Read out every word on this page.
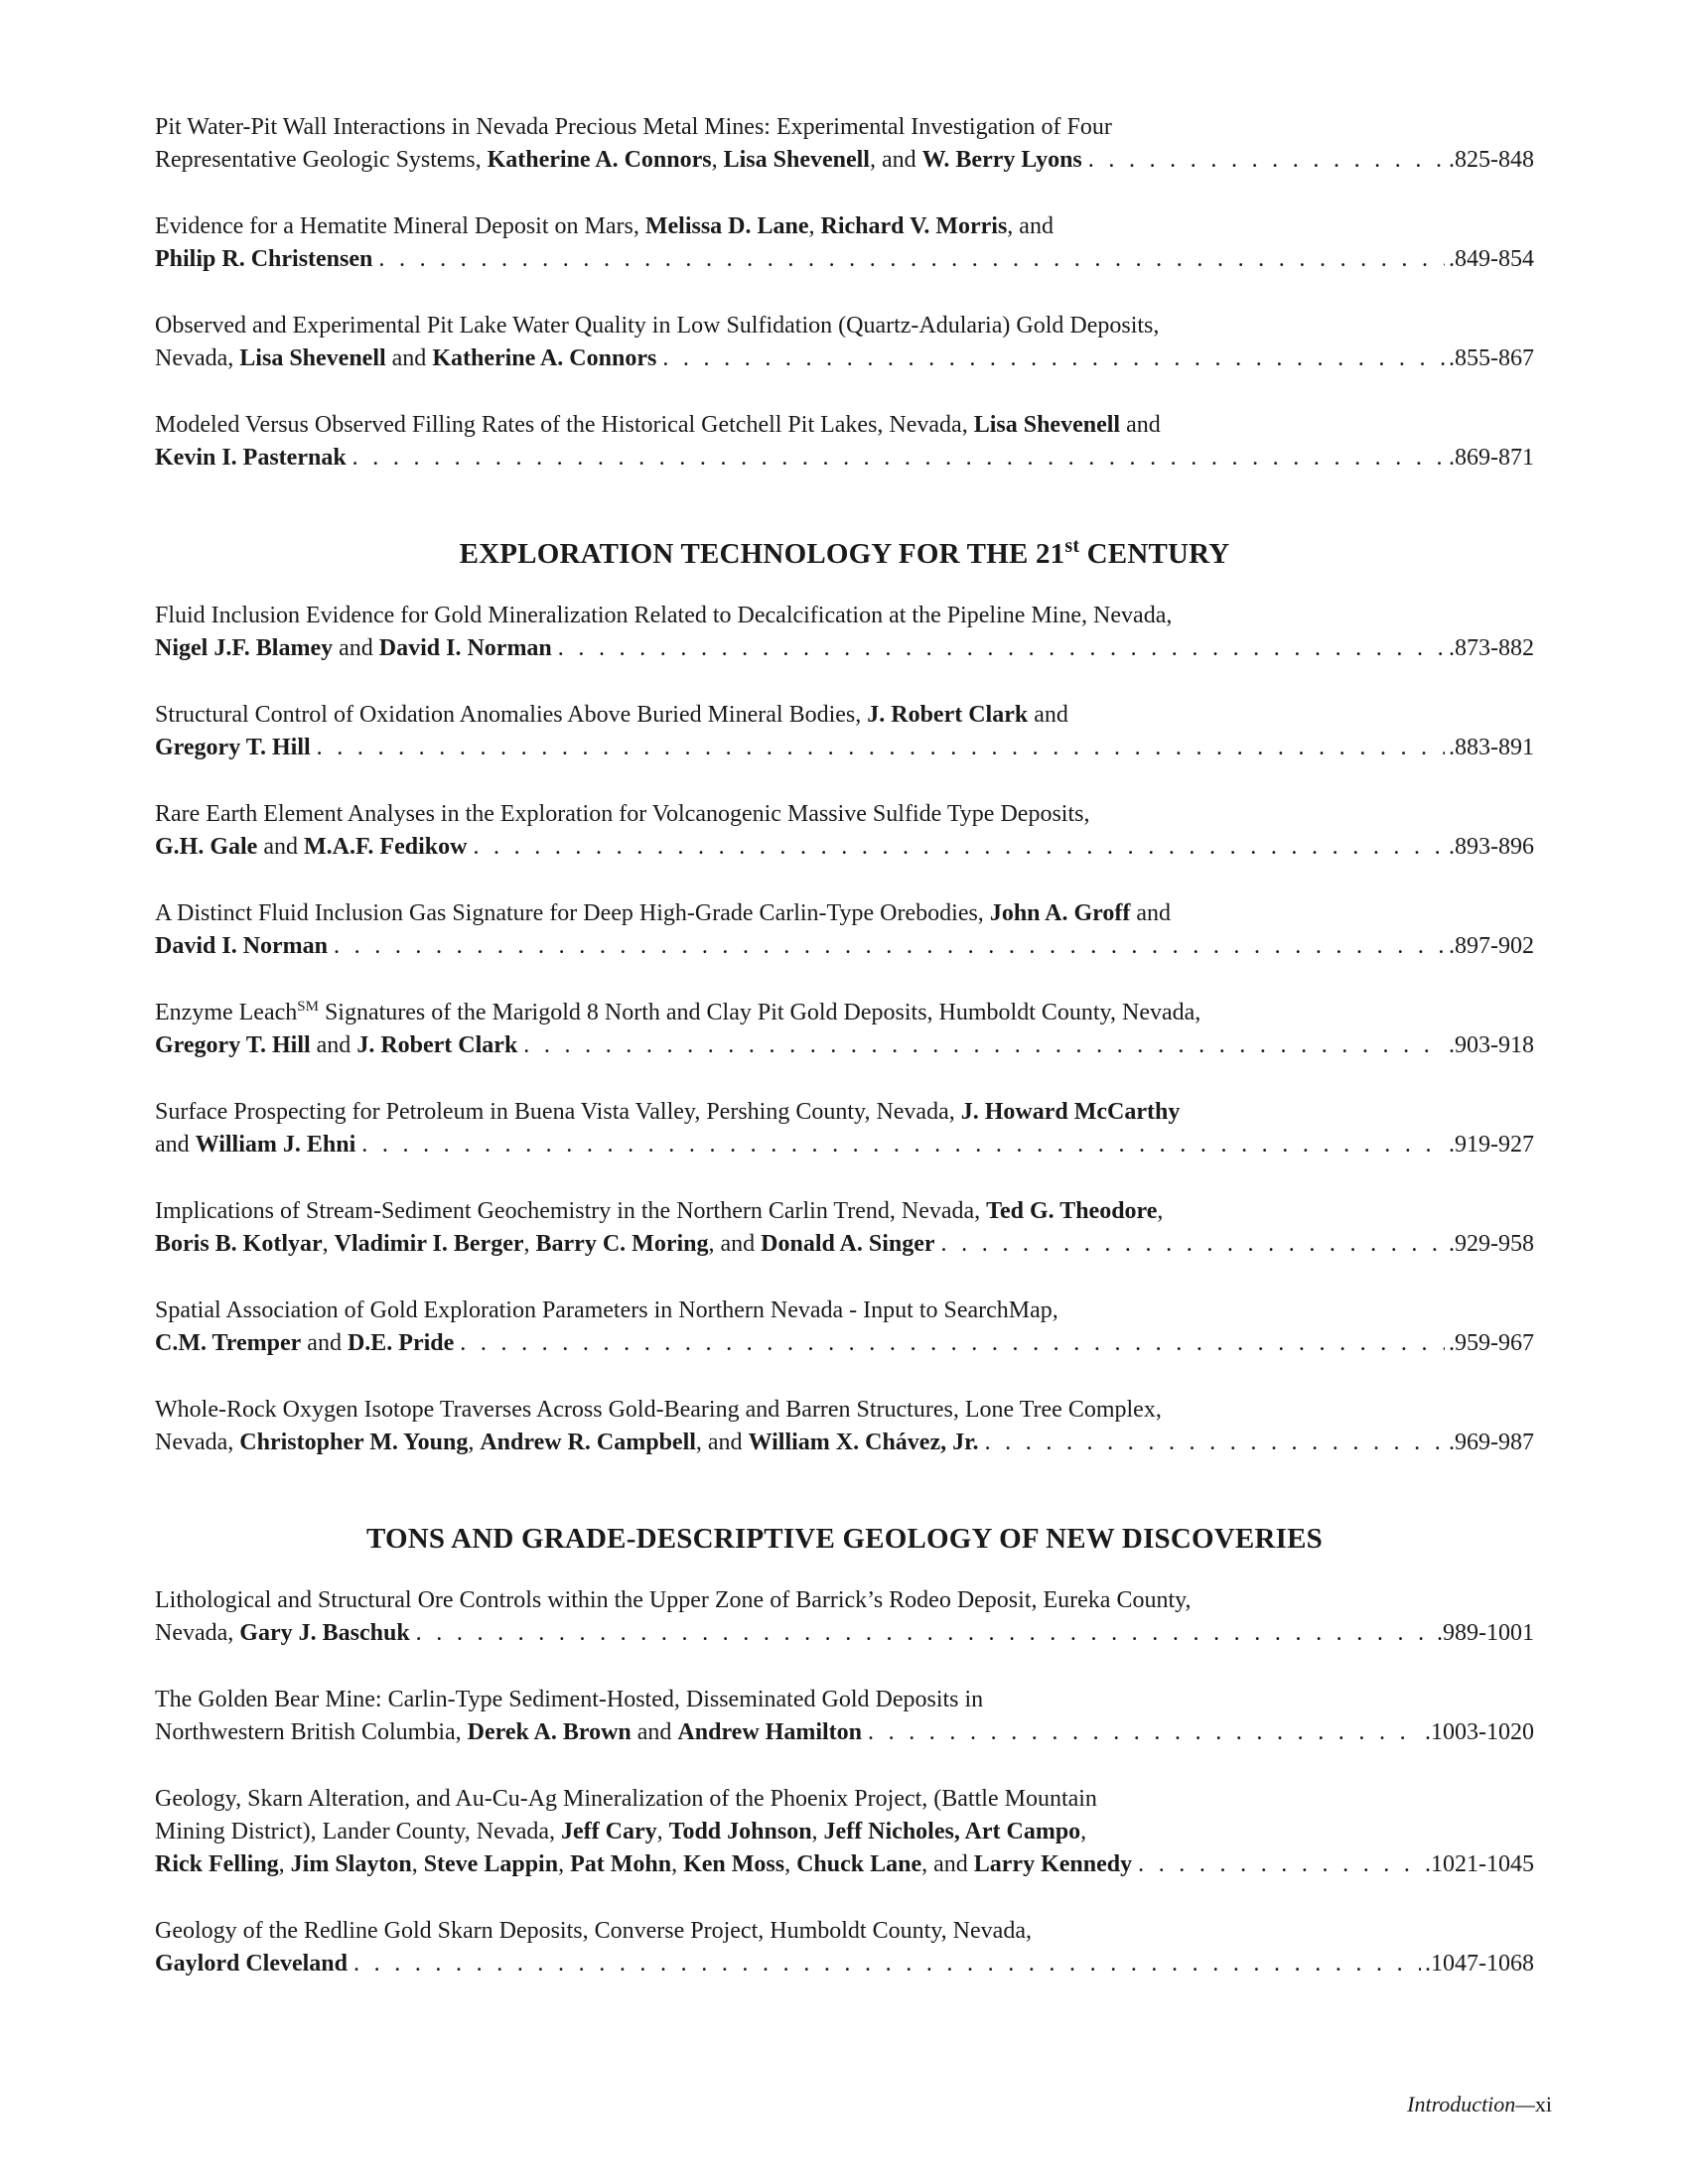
Pit Water-Pit Wall Interactions in Nevada Precious Metal Mines: Experimental Investigation of Four
Representative Geologic Systems, Katherine A. Connors, Lisa Shevenell, and W. Berry Lyons . . .	.825-848
Evidence for a Hematite Mineral Deposit on Mars, Melissa D. Lane, Richard V. Morris, and
Philip R. Christensen . . .	.849-854
Observed and Experimental Pit Lake Water Quality in Low Sulfidation (Quartz-Adularia) Gold Deposits,
Nevada, Lisa Shevenell and Katherine A. Connors . . .	.855-867
Modeled Versus Observed Filling Rates of the Historical Getchell Pit Lakes, Nevada, Lisa Shevenell and
Kevin I. Pasternak . . .	.869-871
EXPLORATION TECHNOLOGY FOR THE 21st CENTURY
Fluid Inclusion Evidence for Gold Mineralization Related to Decalcification at the Pipeline Mine, Nevada,
Nigel J.F. Blamey and David I. Norman . . .	.873-882
Structural Control of Oxidation Anomalies Above Buried Mineral Bodies, J. Robert Clark and
Gregory T. Hill . . .	.883-891
Rare Earth Element Analyses in the Exploration for Volcanogenic Massive Sulfide Type Deposits,
G.H. Gale and M.A.F. Fedikow . . .	.893-896
A Distinct Fluid Inclusion Gas Signature for Deep High-Grade Carlin-Type Orebodies, John A. Groff and
David I. Norman . . .	.897-902
Enzyme Leach℠ Signatures of the Marigold 8 North and Clay Pit Gold Deposits, Humboldt County, Nevada,
Gregory T. Hill and J. Robert Clark . . .	.903-918
Surface Prospecting for Petroleum in Buena Vista Valley, Pershing County, Nevada, J. Howard McCarthy
and William J. Ehni . . .	.919-927
Implications of Stream-Sediment Geochemistry in the Northern Carlin Trend, Nevada, Ted G. Theodore,
Boris B. Kotlyar, Vladimir I. Berger, Barry C. Moring, and Donald A. Singer . . .	.929-958
Spatial Association of Gold Exploration Parameters in Northern Nevada - Input to SearchMap,
C.M. Tremper and D.E. Pride . . .	.959-967
Whole-Rock Oxygen Isotope Traverses Across Gold-Bearing and Barren Structures, Lone Tree Complex,
Nevada, Christopher M. Young, Andrew R. Campbell, and William X. Chávez, Jr. . . .	.969-987
TONS AND GRADE-DESCRIPTIVE GEOLOGY OF NEW DISCOVERIES
Lithological and Structural Ore Controls within the Upper Zone of Barrick’s Rodeo Deposit, Eureka County,
Nevada, Gary J. Baschuk . . .	.989-1001
The Golden Bear Mine: Carlin-Type Sediment-Hosted, Disseminated Gold Deposits in
Northwestern British Columbia, Derek A. Brown and Andrew Hamilton . . .	.1003-1020
Geology, Skarn Alteration, and Au-Cu-Ag Mineralization of the Phoenix Project, (Battle Mountain
Mining District), Lander County, Nevada, Jeff Cary, Todd Johnson, Jeff Nicholes, Art Campo,
Rick Felling, Jim Slayton, Steve Lappin, Pat Mohn, Ken Moss, Chuck Lane, and Larry Kennedy . . .	.1021-1045
Geology of the Redline Gold Skarn Deposits, Converse Project, Humboldt County, Nevada,
Gaylord Cleveland . . .	.1047-1068
Introduction—xi
